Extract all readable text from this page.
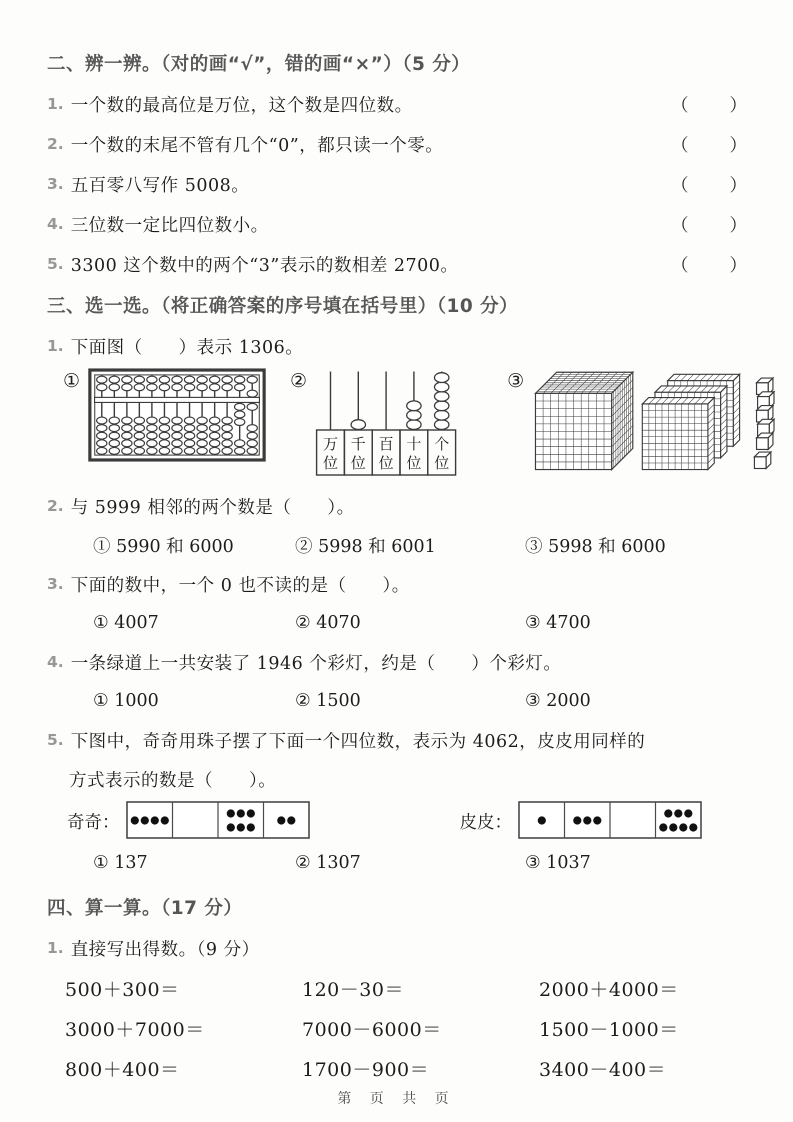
二、辨一辨。（对的画“√”，错的画“×”）（5 分）
1. 一个数的最高位是万位，这个数是四位数。	（　　）
2. 一个数的末尾不管有几个“0”，都只读一个零。	（　　）
3. 五百零八写作 5008。	（　　）
4. 三位数一定比四位数小。	（　　）
5. 3300 这个数中的两个“3”表示的数相差 2700。	（　　）
三、选一选。（将正确答案的序号填在括号里）（10 分）
1. 下面图（　　）表示 1306。
①	②
万
位
千
位
百
位
十
位
个
位
③
2. 与 5999 相邻的两个数是（　　）。
① 5990 和 6000	② 5998 和 6001	③ 5998 和 6000
3. 下面的数中，一个 0 也不读的是（　　）。
① 4007	② 4070	③ 4700
4. 一条绿道上一共安装了 1946 个彩灯，约是（　　）个彩灯。
① 1000	② 1500	③ 2000
5. 下图中，奇奇用珠子摆了下面一个四位数，表示为 4062，皮皮用同样的
方式表示的数是（　　）。
奇奇：	皮皮：
① 137	② 1307	③ 1037
四、算一算。（17 分）
1. 直接写出得数。（9 分）
500＋300＝	120－30＝	2000＋4000＝
3000＋7000＝	7000－6000＝	1500－1000＝
800＋400＝	1700－900＝	3400－400＝
第 页 共 页
